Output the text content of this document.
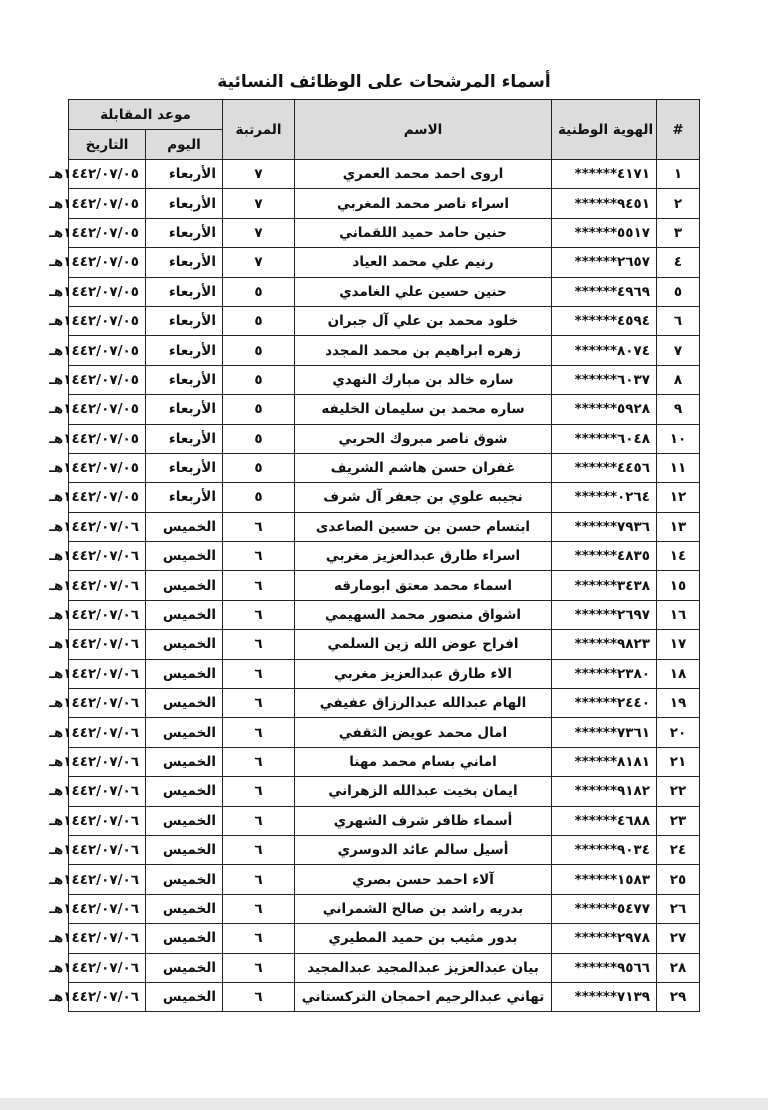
أسماء المرشحات على الوظائف النسائية
#	الهوية الوطنية	الاسم	المرتبة	موعد المقابلة	
				اليوم	التاريخ
١	٤١٧١******	اروى احمد محمد العمري	٧	الأربعاء	١٤٤٢/٠٧/٠٥هـ
٢	٩٤٥١******	اسراء ناصر محمد المغربي	٧	الأربعاء	١٤٤٢/٠٧/٠٥هـ
٣	٥٥١٧******	حنين حامد حميد اللقماني	٧	الأربعاء	١٤٤٢/٠٧/٠٥هـ
٤	٢٦٥٧******	رنيم علي محمد العياد	٧	الأربعاء	١٤٤٢/٠٧/٠٥هـ
٥	٤٩٦٩******	حنين حسين علي الغامدي	٥	الأربعاء	١٤٤٢/٠٧/٠٥هـ
٦	٤٥٩٤******	خلود محمد بن علي آل جبران	٥	الأربعاء	١٤٤٢/٠٧/٠٥هـ
٧	٨٠٧٤******	زهره ابراهيم بن محمد المجدد	٥	الأربعاء	١٤٤٢/٠٧/٠٥هـ
٨	٦٠٣٧******	ساره خالد بن مبارك النهدي	٥	الأربعاء	١٤٤٢/٠٧/٠٥هـ
٩	٥٩٢٨******	ساره محمد بن سليمان الخليفه	٥	الأربعاء	١٤٤٢/٠٧/٠٥هـ
١٠	٦٠٤٨******	شوق ناصر مبروك الحربي	٥	الأربعاء	١٤٤٢/٠٧/٠٥هـ
١١	٤٤٥٦******	غفران حسن هاشم الشريف	٥	الأربعاء	١٤٤٢/٠٧/٠٥هـ
١٢	٠٢٦٤******	نجيبه علوي بن جعفر آل شرف	٥	الأربعاء	١٤٤٢/٠٧/٠٥هـ
١٣	٧٩٣٦******	ابتسام حسن بن حسين الصاعدى	٦	الخميس	١٤٤٢/٠٧/٠٦هـ
١٤	٤٨٣٥******	اسراء طارق عبدالعزيز مغربي	٦	الخميس	١٤٤٢/٠٧/٠٦هـ
١٥	٣٤٣٨******	اسماء محمد معتق ابومارقه	٦	الخميس	١٤٤٢/٠٧/٠٦هـ
١٦	٢٦٩٧******	اشواق منصور محمد السهيمي	٦	الخميس	١٤٤٢/٠٧/٠٦هـ
١٧	٩٨٢٣******	افراح عوض الله زين السلمي	٦	الخميس	١٤٤٢/٠٧/٠٦هـ
١٨	٢٣٨٠******	الاء طارق عبدالعزيز مغربي	٦	الخميس	١٤٤٢/٠٧/٠٦هـ
١٩	٢٤٤٠******	الهام عبدالله عبدالرزاق عفيفي	٦	الخميس	١٤٤٢/٠٧/٠٦هـ
٢٠	٧٣٦١******	امال محمد عويض الثقفي	٦	الخميس	١٤٤٢/٠٧/٠٦هـ
٢١	٨١٨١******	اماني بسام محمد مهنا	٦	الخميس	١٤٤٢/٠٧/٠٦هـ
٢٢	٩١٨٢******	ايمان بخيت عبدالله الزهراني	٦	الخميس	١٤٤٢/٠٧/٠٦هـ
٢٣	٤٦٨٨******	أسماء ظافر شرف الشهري	٦	الخميس	١٤٤٢/٠٧/٠٦هـ
٢٤	٩٠٣٤******	أسيل سالم عائد الدوسري	٦	الخميس	١٤٤٢/٠٧/٠٦هـ
٢٥	١٥٨٣******	آلاء احمد حسن بصري	٦	الخميس	١٤٤٢/٠٧/٠٦هـ
٢٦	٥٤٧٧******	بدريه راشد بن صالح الشمراني	٦	الخميس	١٤٤٢/٠٧/٠٦هـ
٢٧	٢٩٧٨******	بدور مثيب بن حميد المطيري	٦	الخميس	١٤٤٢/٠٧/٠٦هـ
٢٨	٩٥٦٦******	بيان عبدالعزيز عبدالمجيد عبدالمجيد	٦	الخميس	١٤٤٢/٠٧/٠٦هـ
٢٩	٧١٣٩******	تهاني عبدالرحيم احمجان التركستاني	٦	الخميس	١٤٤٢/٠٧/٠٦هـ
